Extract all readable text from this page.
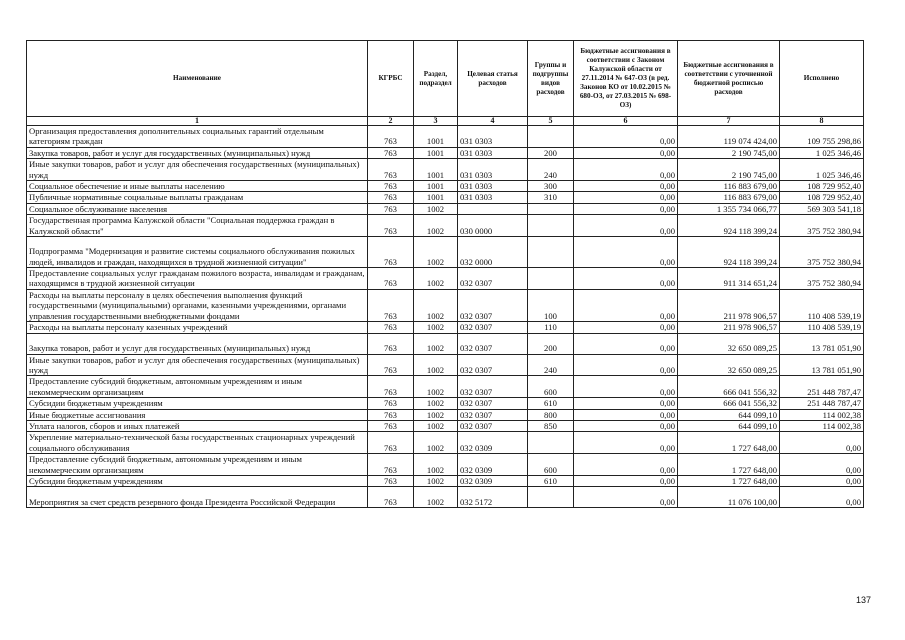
Наименование	КГРБС	Раздел, подраздел	Целевая статья расходов	Группы и подгруппы видов расходов	Бюджетные ассигнования в соответствии с Законом Калужской области от 27.11.2014 № 647-ОЗ (в ред. Законов КО от 10.02.2015 № 680-ОЗ, от 27.03.2015 № 698-ОЗ)	Бюджетные ассигнования в соответствии с уточненной бюджетной росписью расходов	Исполнено
1	2	3	4	5	6	7	8
Организация предоставления дополнительных социальных гарантий отдельным категориям граждан	763	1001	031 0303		0,00	119 074 424,00	109 755 298,86
Закупка товаров, работ и услуг для государственных (муниципальных) нужд	763	1001	031 0303	200	0,00	2 190 745,00	1 025 346,46
Иные закупки товаров, работ и услуг для обеспечения государственных (муниципальных) нужд	763	1001	031 0303	240	0,00	2 190 745,00	1 025 346,46
Социальное обеспечение и иные выплаты населению	763	1001	031 0303	300	0,00	116 883 679,00	108 729 952,40
Публичные нормативные социальные выплаты гражданам	763	1001	031 0303	310	0,00	116 883 679,00	108 729 952,40
Социальное обслуживание населения	763	1002			0,00	1 355 734 066,77	569 303 541,18
Государственная программа Калужской области "Социальная поддержка граждан в Калужской области"	763	1002	030 0000		0,00	924 118 399,24	375 752 380,94
Подпрограмма "Модернизация и развитие системы социального обслуживания пожилых людей, инвалидов и граждан, находящихся в трудной жизненной ситуации"	763	1002	032 0000		0,00	924 118 399,24	375 752 380,94
Предоставление социальных услуг гражданам пожилого возраста, инвалидам и гражданам, находящимся в трудной жизненной ситуации	763	1002	032 0307		0,00	911 314 651,24	375 752 380,94
Расходы на выплаты персоналу в целях обеспечения выполнения функций государственными (муниципальными) органами, казенными учреждениями, органами управления государственными внебюджетными фондами	763	1002	032 0307	100	0,00	211 978 906,57	110 408 539,19
Расходы на выплаты персоналу казенных учреждений	763	1002	032 0307	110	0,00	211 978 906,57	110 408 539,19
Закупка товаров, работ и услуг для государственных (муниципальных) нужд	763	1002	032 0307	200	0,00	32 650 089,25	13 781 051,90
Иные закупки товаров, работ и услуг для обеспечения государственных (муниципальных) нужд	763	1002	032 0307	240	0,00	32 650 089,25	13 781 051,90
Предоставление субсидий бюджетным, автономным учреждениям и иным некоммерческим организациям	763	1002	032 0307	600	0,00	666 041 556,32	251 448 787,47
Субсидии бюджетным учреждениям	763	1002	032 0307	610	0,00	666 041 556,32	251 448 787,47
Иные бюджетные ассигнования	763	1002	032 0307	800	0,00	644 099,10	114 002,38
Уплата налогов, сборов и иных платежей	763	1002	032 0307	850	0,00	644 099,10	114 002,38
Укрепление материально-технической базы государственных стационарных учреждений социального обслуживания	763	1002	032 0309		0,00	1 727 648,00	0,00
Предоставление субсидий бюджетным, автономным учреждениям и иным некоммерческим организациям	763	1002	032 0309	600	0,00	1 727 648,00	0,00
Субсидии бюджетным учреждениям	763	1002	032 0309	610	0,00	1 727 648,00	0,00
Мероприятия за счет средств резервного фонда Президента Российской Федерации	763	1002	032 5172		0,00	11 076 100,00	0,00
137
